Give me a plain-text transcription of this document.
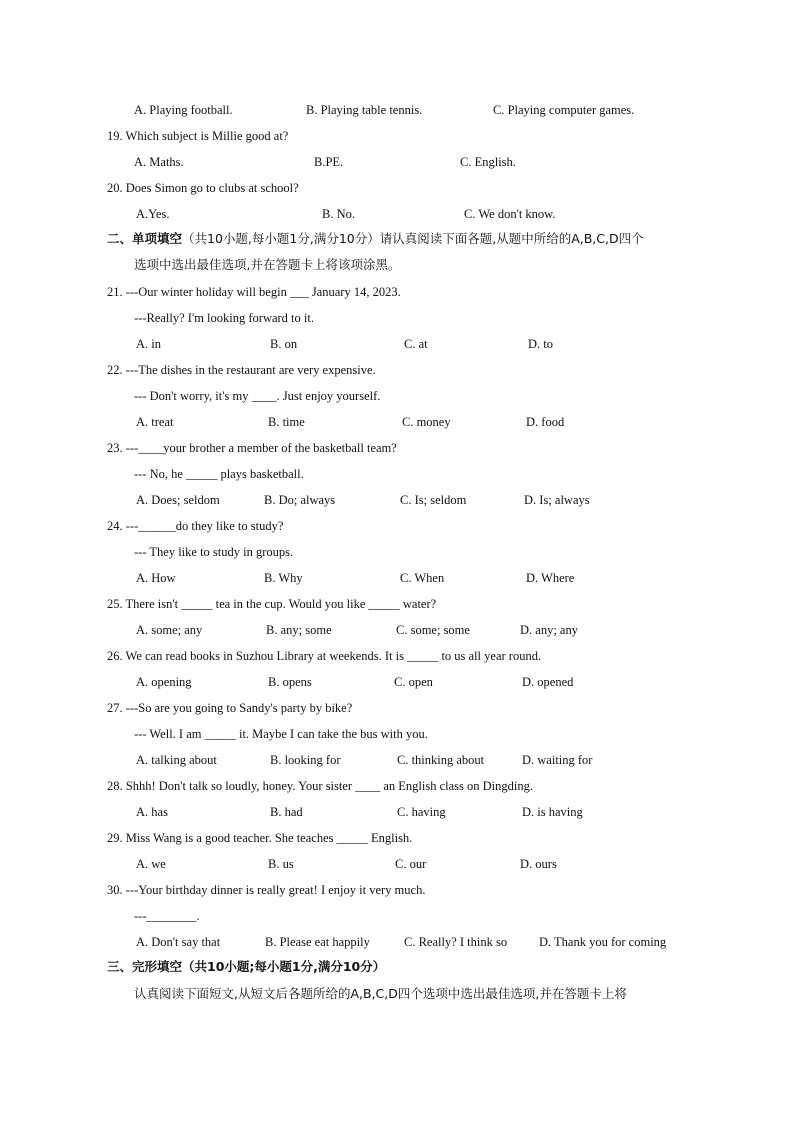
A. Playing football.	B. Playing table tennis.	C. Playing computer games.
19. Which subject is Millie good at?
A. Maths.	B.PE.	C. English.
20. Does Simon go to clubs at school?
A.Yes.	B. No.	C. We don't know.
二、单项填空（共10小题,每小题1分,满分10分）请认真阅读下面各题,从题中所给的A,B,C,D四个
选项中选出最佳选项,并在答题卡上将该项涂黑。
21. ---Our winter holiday will begin ___ January 14, 2023.
---Really? I'm looking forward to it.
A. in	B. on	C. at	D. to
22. ---The dishes in the restaurant are very expensive.
--- Don't worry, it's my ____. Just enjoy yourself.
A. treat	B. time	C. money	D. food
23. ---____your brother a member of the basketball team?
--- No, he _____ plays basketball.
A. Does; seldom	B. Do; always	C. Is; seldom	D. Is; always
24. ---______do they like to study?
--- They like to study in groups.
A. How	B. Why	C. When	D. Where
25. There isn't _____ tea in the cup. Would you like _____ water?
A. some; any	B. any; some	C. some; some	D. any; any
26. We can read books in Suzhou Library at weekends. It is _____ to us all year round.
A. opening	B. opens	C. open	D. opened
27. ---So are you going to Sandy's party by bike?
--- Well. I am _____ it. Maybe I can take the bus with you.
A. talking about	B. looking for	C. thinking about	D. waiting for
28. Shhh! Don't talk so loudly, honey. Your sister ____ an English class on Dingding.
A. has	B. had	C. having	D. is having
29. Miss Wang is a good teacher. She teaches _____ English.
A. we	B. us	C. our	D. ours
30. ---Your birthday dinner is really great! I enjoy it very much.
---________.
A. Don't say that	B. Please eat happily	C. Really? I think so	D. Thank you for coming
三、完形填空（共10小题;每小题1分,满分10分）
认真阅读下面短文,从短文后各题所给的A,B,C,D四个选项中选出最佳选项,并在答题卡上将
